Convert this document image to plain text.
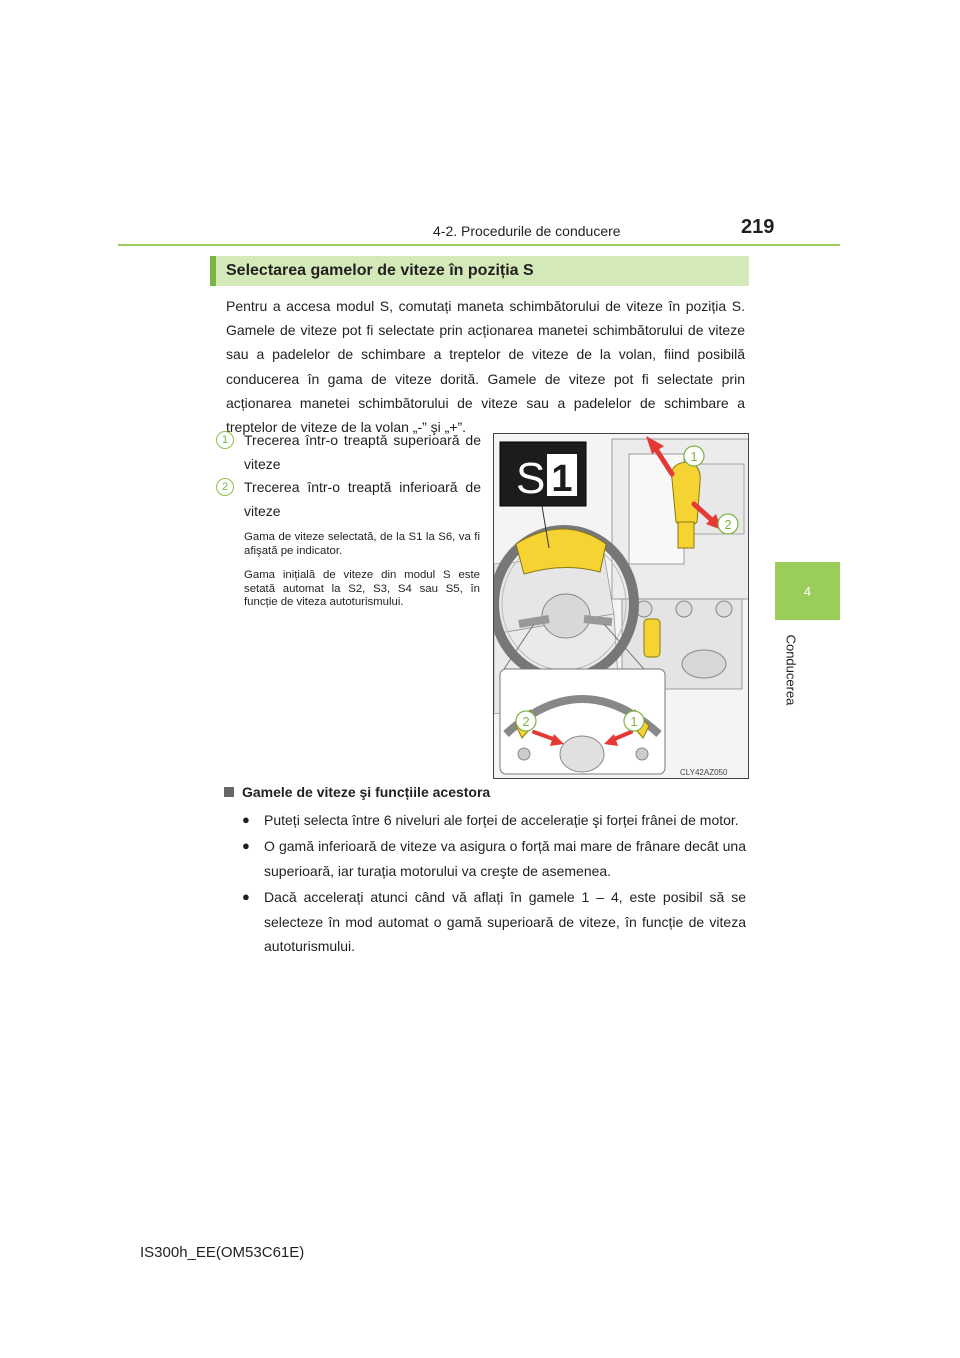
4-2. Procedurile de conducere	219
4
Conducerea
Selectarea gamelor de viteze în poziția S
Pentru a accesa modul S, comutați maneta schimbătorului de viteze în poziția S. Gamele de viteze pot fi selectate prin acționarea manetei schimbătorului de viteze sau a padelelor de schimbare a treptelor de viteze de la volan, fiind posibilă conducerea în gama de viteze dorită. Gamele de viteze pot fi selectate prin acționarea manetei schimbătorului de viteze sau a padelelor de schimbare a treptelor de viteze de la volan „-” şi „+”.
1	Trecerea într-o treaptă superioară de viteze
2	Trecerea într-o treaptă inferioară de viteze
Gama de viteze selectată, de la S1 la S6, va fi afişată pe indicator.
Gama inițială de viteze din modul S este setată automat la S2, S3, S4 sau S5, în funcție de viteza autoturismului.
1
2
S 1
2	1
CLY42AZ050
Gamele de viteze şi funcțiile acestora
● Puteți selecta între 6 niveluri ale forței de accelerație şi forței frânei de motor.
● O gamă inferioară de viteze va asigura o forță mai mare de frânare decât una superioară, iar turația motorului va creşte de asemenea.
● Dacă accelerați atunci când vă aflați în gamele 1 – 4, este posibil să se selecteze în mod automat o gamă superioară de viteze, în funcție de viteza autoturismului.
IS300h_EE(OM53C61E)
